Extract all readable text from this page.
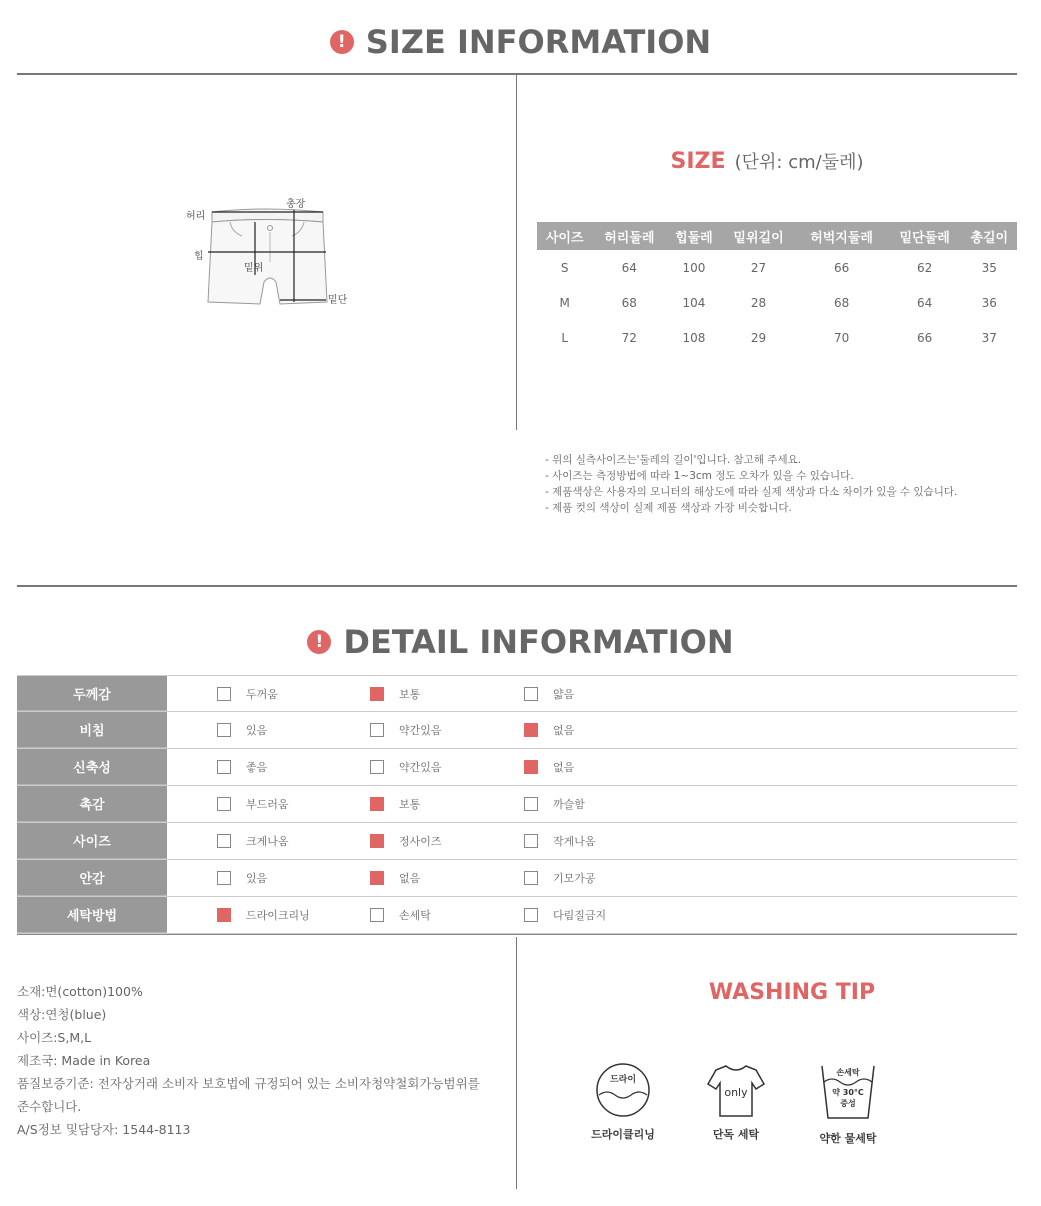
! SIZE INFORMATION
허리
총장
힙
밑위
밑단
SIZE (단위: cm/둘레)
사이즈	허리둘레	힙둘레	밑위길이	허벅지둘레	밑단둘레	총길이
S	64	100	27	66	62	35
M	68	104	28	68	64	36
L	72	108	29	70	66	37
- 위의 실측사이즈는'둘레의 길이'입니다. 참고해 주세요.
- 사이즈는 측정방법에 따라 1~3cm 정도 오차가 있을 수 있습니다.
- 제품색상은 사용자의 모니터의 해상도에 따라 실제 색상과 다소 차이가 있을 수 있습니다.
- 제품 컷의 색상이 실제 제품 색상과 가장 비슷합니다.
! DETAIL INFORMATION
두께감	두꺼움	보통	얇음
비침	있음	약간있음	없음
신축성	좋음	약간있음	없음
촉감	부드러움	보통	까슬함
사이즈	크게나옴	정사이즈	작게나옴
안감	있음	없음	기모가공
세탁방법	드라이크리닝	손세탁	다림질금지
소재:면(cotton)100%
색상:연청(blue)
사이즈:S,M,L
제조국: Made in Korea
품질보증기준: 전자상거래 소비자 보호법에 규정되어 있는 소비자청약철회가능범위를
준수합니다.
A/S정보 및담당자: 1544-8113
WASHING TIP
드라이
드라이클리닝
only
단독 세탁
손세탁
약 30°C
중성
약한 물세탁
